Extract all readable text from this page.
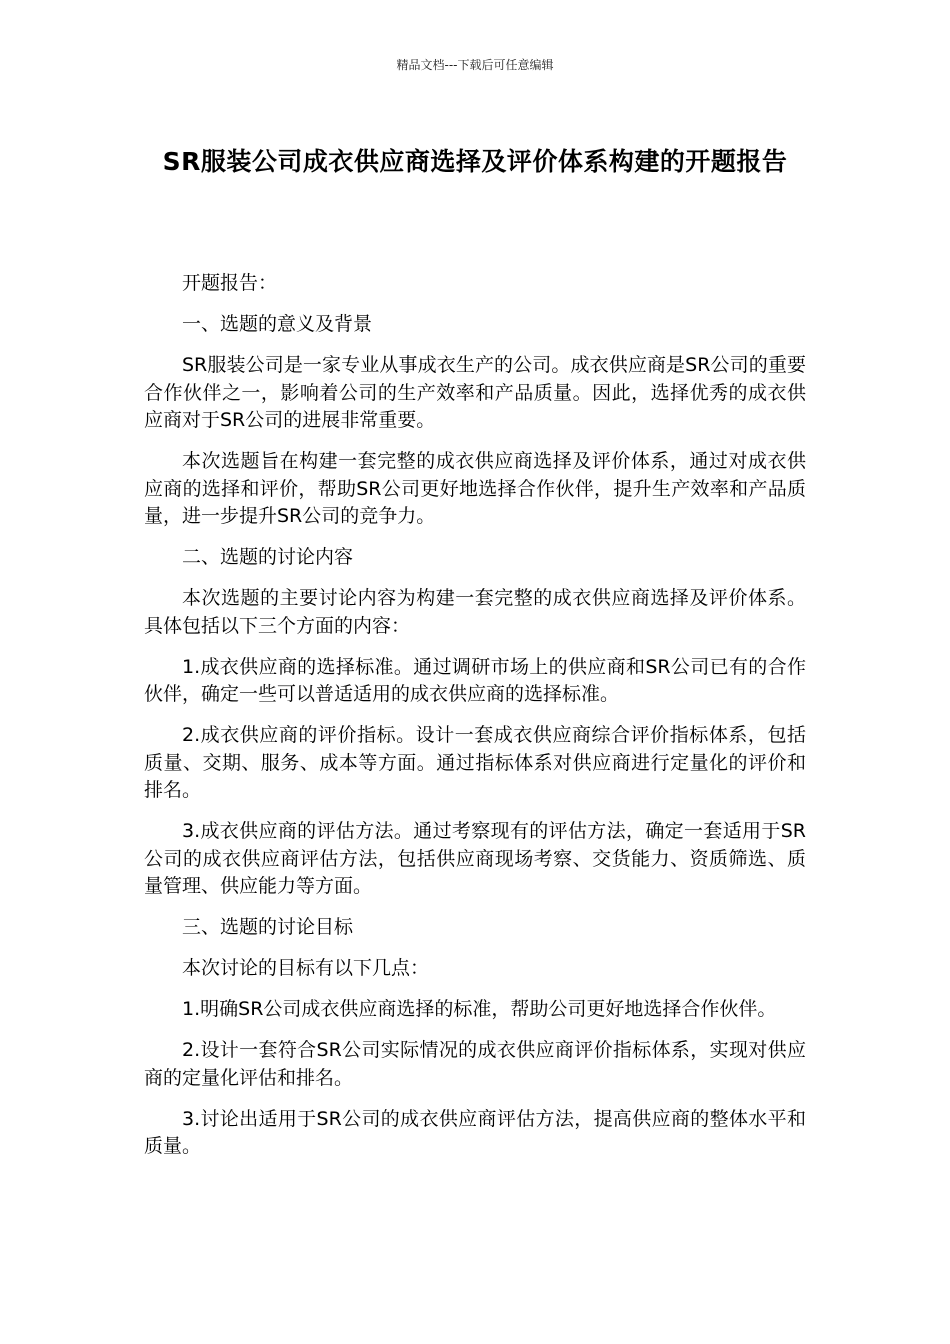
精品文档---下载后可任意编辑
SR服装公司成衣供应商选择及评价体系构建的开题报告

开题报告：

一、选题的意义及背景

SR服装公司是一家专业从事成衣生产的公司。成衣供应商是SR公司的重要合作伙伴之一，影响着公司的生产效率和产品质量。因此，选择优秀的成衣供应商对于SR公司的进展非常重要。

本次选题旨在构建一套完整的成衣供应商选择及评价体系，通过对成衣供应商的选择和评价，帮助SR公司更好地选择合作伙伴，提升生产效率和产品质量，进一步提升SR公司的竞争力。

二、选题的讨论内容

本次选题的主要讨论内容为构建一套完整的成衣供应商选择及评价体系。具体包括以下三个方面的内容：

1.成衣供应商的选择标准。通过调研市场上的供应商和SR公司已有的合作伙伴，确定一些可以普适适用的成衣供应商的选择标准。

2.成衣供应商的评价指标。设计一套成衣供应商综合评价指标体系，包括质量、交期、服务、成本等方面。通过指标体系对供应商进行定量化的评价和排名。

3.成衣供应商的评估方法。通过考察现有的评估方法，确定一套适用于SR公司的成衣供应商评估方法，包括供应商现场考察、交货能力、资质筛选、质量管理、供应能力等方面。

三、选题的讨论目标

本次讨论的目标有以下几点：

1.明确SR公司成衣供应商选择的标准，帮助公司更好地选择合作伙伴。

2.设计一套符合SR公司实际情况的成衣供应商评价指标体系，实现对供应商的定量化评估和排名。

3.讨论出适用于SR公司的成衣供应商评估方法，提高供应商的整体水平和质量。
